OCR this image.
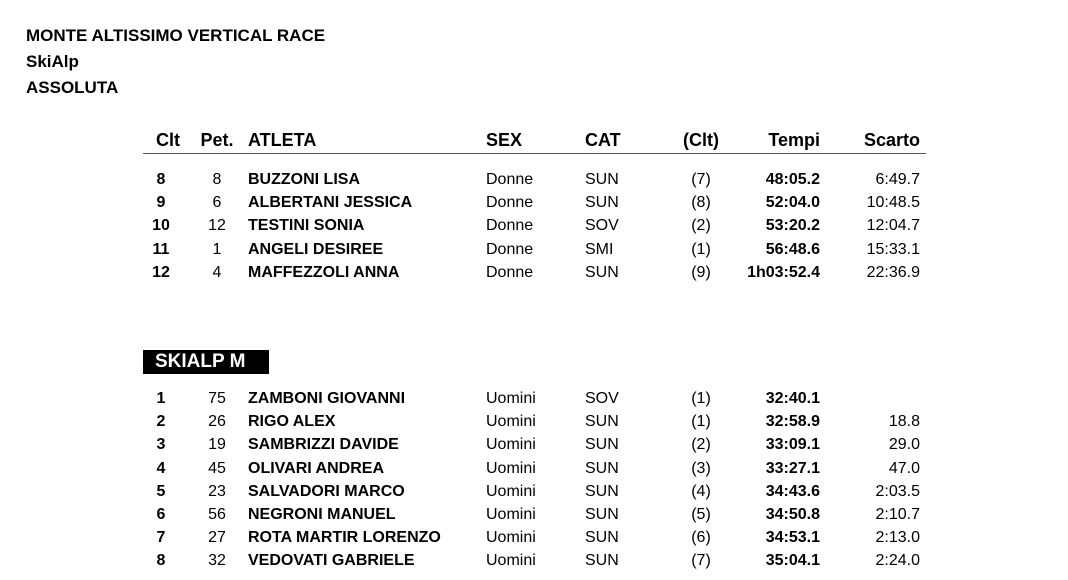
MONTE ALTISSIMO VERTICAL RACE
SkiAlp
ASSOLUTA
Clt	Pet. ATLETA	SEX	CAT	(Clt)	Tempi	Scarto
8	8	BUZZONI LISA	Donne	SUN	(7)	48:05.2	6:49.7
9	6	ALBERTANI JESSICA	Donne	SUN	(8)	52:04.0	10:48.5
10	12	TESTINI SONIA	Donne	SOV	(2)	53:20.2	12:04.7
11	1	ANGELI DESIREE	Donne	SMI	(1)	56:48.6	15:33.1
12	4	MAFFEZZOLI ANNA	Donne	SUN	(9)	1h03:52.4	22:36.9
SKIALP M
1	75	ZAMBONI GIOVANNI	Uomini	SOV	(1)	32:40.1
2	26	RIGO ALEX	Uomini	SUN	(1)	32:58.9	18.8
3	19	SAMBRIZZI DAVIDE	Uomini	SUN	(2)	33:09.1	29.0
4	45	OLIVARI ANDREA	Uomini	SUN	(3)	33:27.1	47.0
5	23	SALVADORI MARCO	Uomini	SUN	(4)	34:43.6	2:03.5
6	56	NEGRONI MANUEL	Uomini	SUN	(5)	34:50.8	2:10.7
7	27	ROTA MARTIR LORENZO	Uomini	SUN	(6)	34:53.1	2:13.0
8	32	VEDOVATI GABRIELE	Uomini	SUN	(7)	35:04.1	2:24.0
